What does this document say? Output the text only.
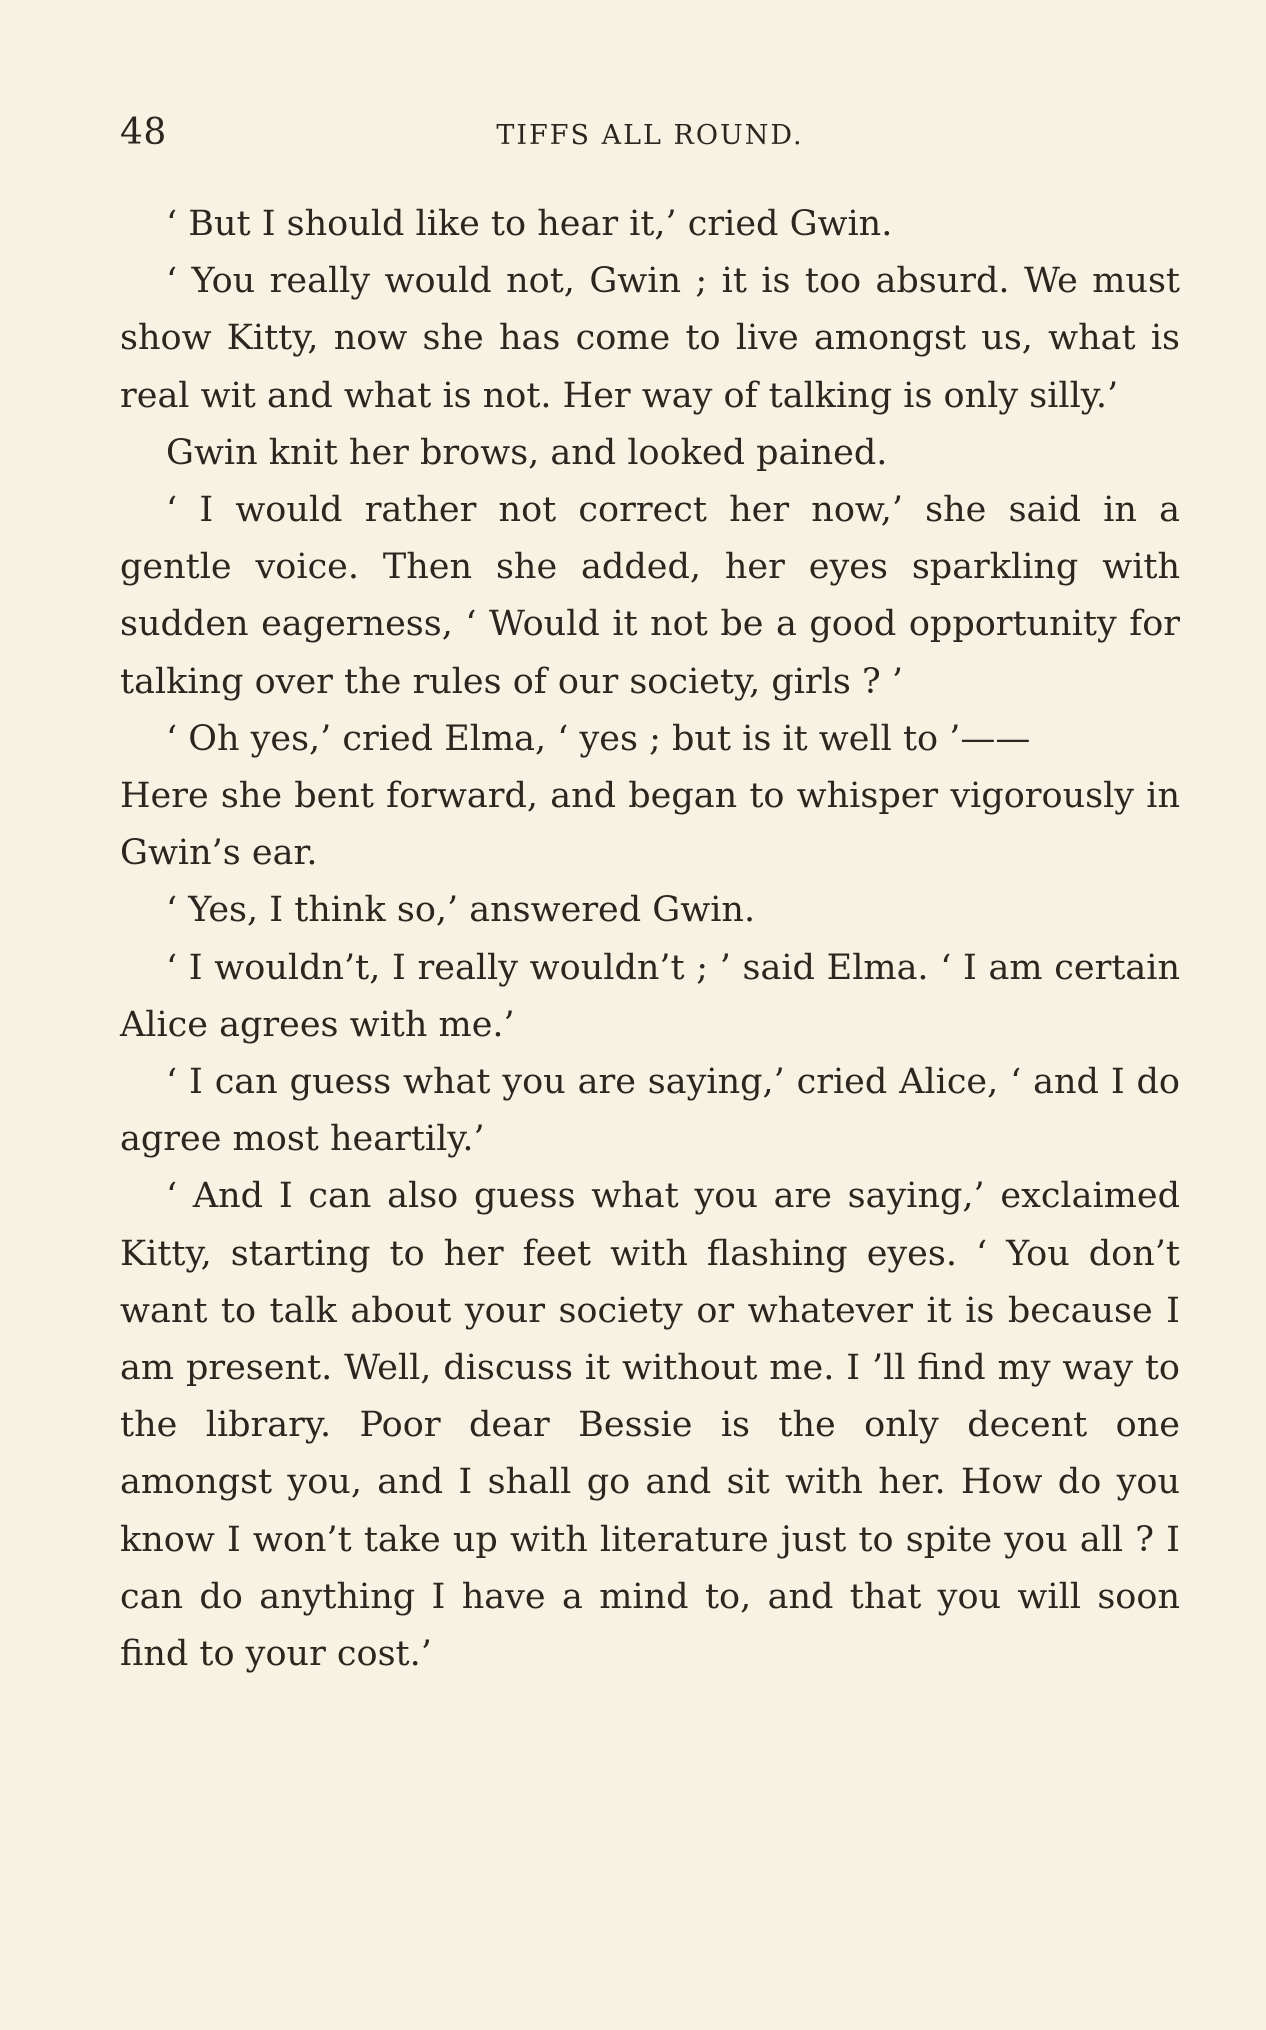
48	TIFFS ALL ROUND.

‘ But I should like to hear it,’ cried Gwin.

‘ You really would not, Gwin ; it is too absurd. We must show Kitty, now she has come to live amongst us, what is real wit and what is not. Her way of talking is only silly.’

Gwin knit her brows, and looked pained.

‘ I would rather not correct her now,’ she said in a gentle voice. Then she added, her eyes sparkling with sudden eagerness, ‘ Would it not be a good opportunity for talking over the rules of our society, girls ? ’

‘ Oh yes,’ cried Elma, ‘ yes ; but is it well to ’——

Here she bent forward, and began to whisper vigorously in Gwin’s ear.

‘ Yes, I think so,’ answered Gwin.

‘ I wouldn’t, I really wouldn’t ; ’ said Elma. ‘ I am certain Alice agrees with me.’

‘ I can guess what you are saying,’ cried Alice, ‘ and I do agree most heartily.’

‘ And I can also guess what you are saying,’ exclaimed Kitty, starting to her feet with flashing eyes. ‘ You don’t want to talk about your society or whatever it is because I am present. Well, discuss it without me. I ’ll find my way to the library. Poor dear Bessie is the only decent one amongst you, and I shall go and sit with her. How do you know I won’t take up with literature just to spite you all ? I can do anything I have a mind to, and that you will soon find to your cost.’
